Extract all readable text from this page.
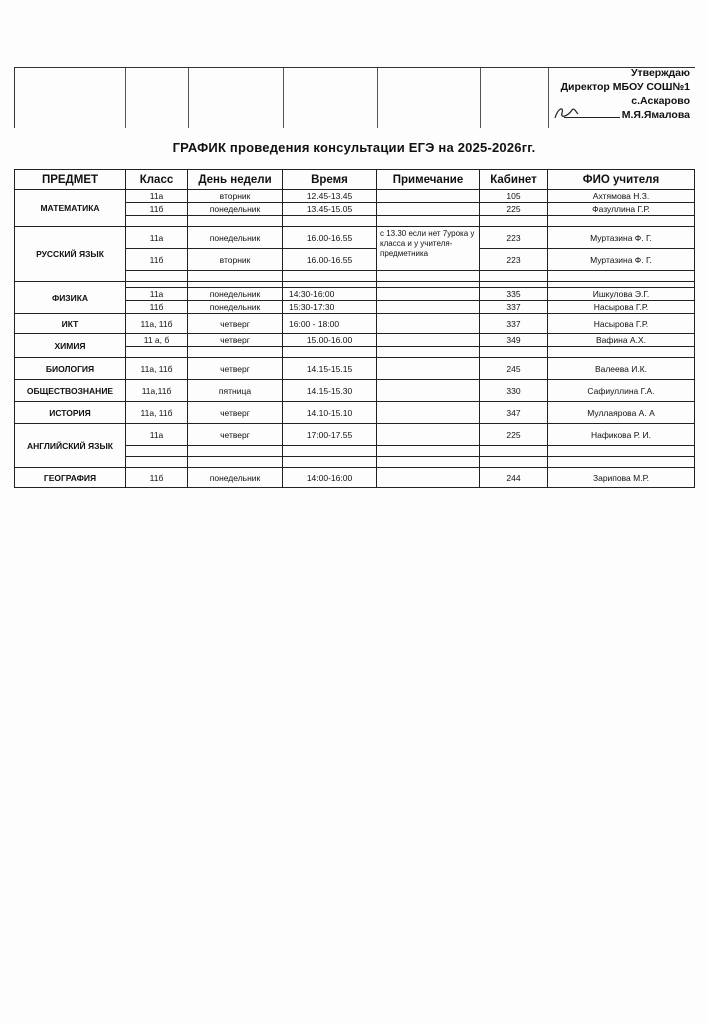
Утверждаю
Директор МБОУ СОШ№1
с.Аскарово
М.Я.Ямалова
ГРАФИК проведения консультации ЕГЭ на 2025-2026гг.
ПРЕДМЕТ	Класс	День недели	Время	Примечание	Кабинет	ФИО учителя
МАТЕМАТИКА	11а	вторник	12.45-13.45		105	Ахтямова Н.З.
	11б	понедельник	13.45-15.05		225	Фазуллина Г.Р.

РУССКИЙ ЯЗЫК	11а	понедельник	16.00-16.55	с 13.30 если нет 7урока у класса и у учителя-предметника	223	Муртазина Ф. Г.
	11б	вторник	16.00-16.55		223	Муртазина Ф. Г.

ФИЗИКА						
	11а	понедельник	14:30-16:00		335	Ишкулова Э.Г.
	11б	понедельник	15:30-17:30		337	Насырова Г.Р.
ИКТ	11а, 11б	четверг	16:00 - 18:00		337	Насырова Г.Р.
ХИМИЯ	11 а, б	четверг	15.00-16.00		349	Вафина А.Х.

БИОЛОГИЯ	11а, 11б	четверг	14.15-15.15		245	Валеева И.К.
ОБЩЕСТВОЗНАНИЕ	11а,11б	пятница	14.15-15.30		330	Сафиуллина Г.А.
ИСТОРИЯ	11а, 11б	четверг	14.10-15.10		347	Муллаярова А. А
АНГЛИЙСКИЙ ЯЗЫК	11а	четверг	17:00-17.55		225	Нафикова Р. И.

ГЕОГРАФИЯ	11б	понедельник	14:00-16:00		244	Зарипова М.Р.
